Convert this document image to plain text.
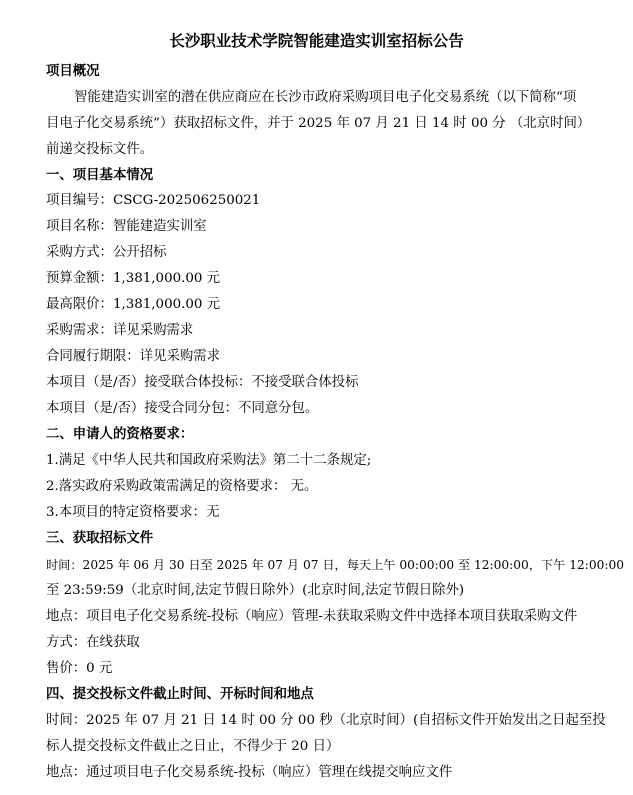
长沙职业技术学院智能建造实训室招标公告
项目概况
智能建造实训室的潜在供应商应在长沙市政府采购项目电子化交易系统（以下简称“项
目电子化交易系统”）获取招标文件，并于 2025 年 07 月 21 日 14 时 00 分 （北京时间）
前递交投标文件。
一、项目基本情况
项目编号：CSCG-202506250021
项目名称：智能建造实训室
采购方式：公开招标
预算金额：1,381,000.00 元
最高限价：1,381,000.00 元
采购需求：详见采购需求
合同履行期限：详见采购需求
本项目（是/否）接受联合体投标：不接受联合体投标
本项目（是/否）接受合同分包：不同意分包。
二、申请人的资格要求：
1.满足《中华人民共和国政府采购法》第二十二条规定;
2.落实政府采购政策需满足的资格要求： 无。
3.本项目的特定资格要求：无
三、获取招标文件
时间：2025 年 06 月 30 日至 2025 年 07 月 07 日，每天上午 00:00:00 至 12:00:00，下午 12:00:00
至 23:59:59（北京时间,法定节假日除外）(北京时间,法定节假日除外)
地点：项目电子化交易系统-投标（响应）管理-未获取采购文件中选择本项目获取采购文件
方式：在线获取
售价：0 元
四、提交投标文件截止时间、开标时间和地点
时间：2025 年 07 月 21 日 14 时 00 分 00 秒（北京时间）(自招标文件开始发出之日起至投
标人提交投标文件截止之日止，不得少于 20 日）
地点：通过项目电子化交易系统-投标（响应）管理在线提交响应文件
